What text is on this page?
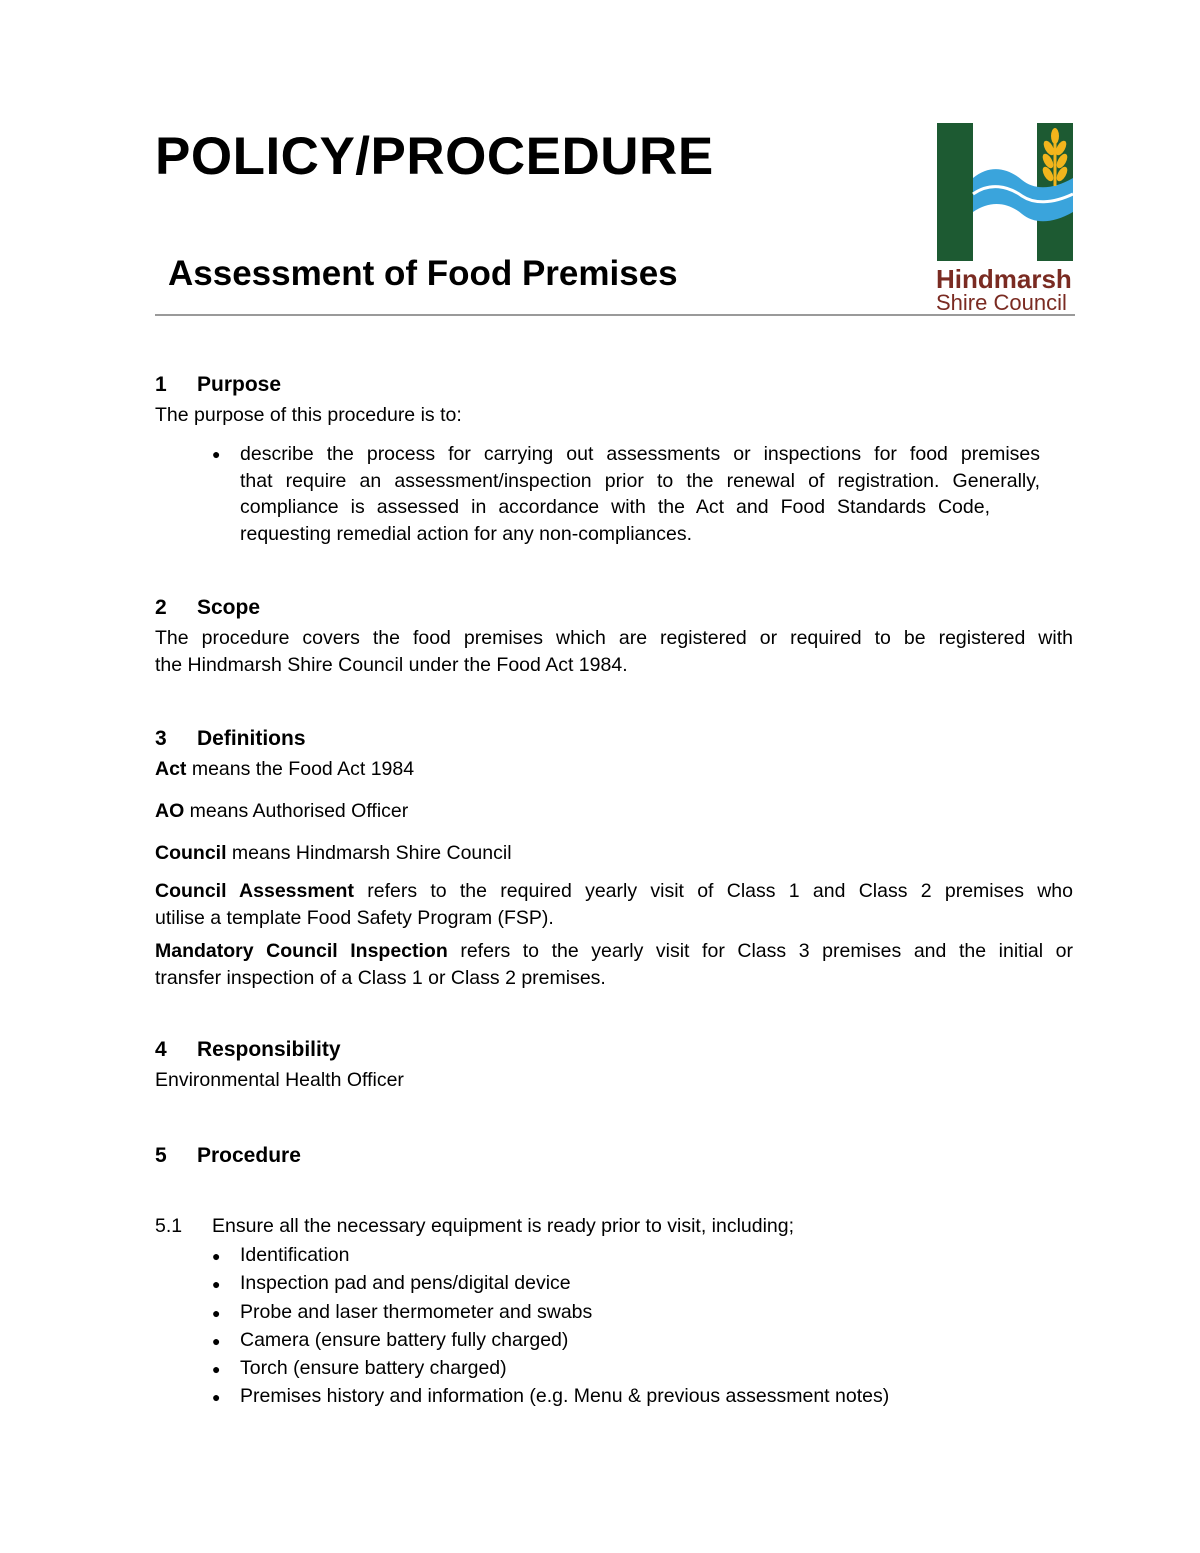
POLICY/PROCEDURE
Assessment of Food Premises	Hindmarsh
Shire Council
1 Purpose
The purpose of this procedure is to:
● describe the process for carrying out assessments or inspections for food premises
that require an assessment/inspection prior to the renewal of registration. Generally,
compliance is assessed in accordance with the Act and Food Standards Code,
requesting remedial action for any non-compliances.
2 Scope
The procedure covers the food premises which are registered or required to be registered with
the Hindmarsh Shire Council under the Food Act 1984.
3 Definitions
Act means the Food Act 1984
AO means Authorised Officer
Council means Hindmarsh Shire Council
Council Assessment refers to the required yearly visit of Class 1 and Class 2 premises who
utilise a template Food Safety Program (FSP).
Mandatory Council Inspection refers to the yearly visit for Class 3 premises and the initial or
transfer inspection of a Class 1 or Class 2 premises.
4 Responsibility
Environmental Health Officer
5 Procedure
5.1 Ensure all the necessary equipment is ready prior to visit, including;
● Identification
● Inspection pad and pens/digital device
● Probe and laser thermometer and swabs
● Camera (ensure battery fully charged)
● Torch (ensure battery charged)
● Premises history and information (e.g. Menu & previous assessment notes)
